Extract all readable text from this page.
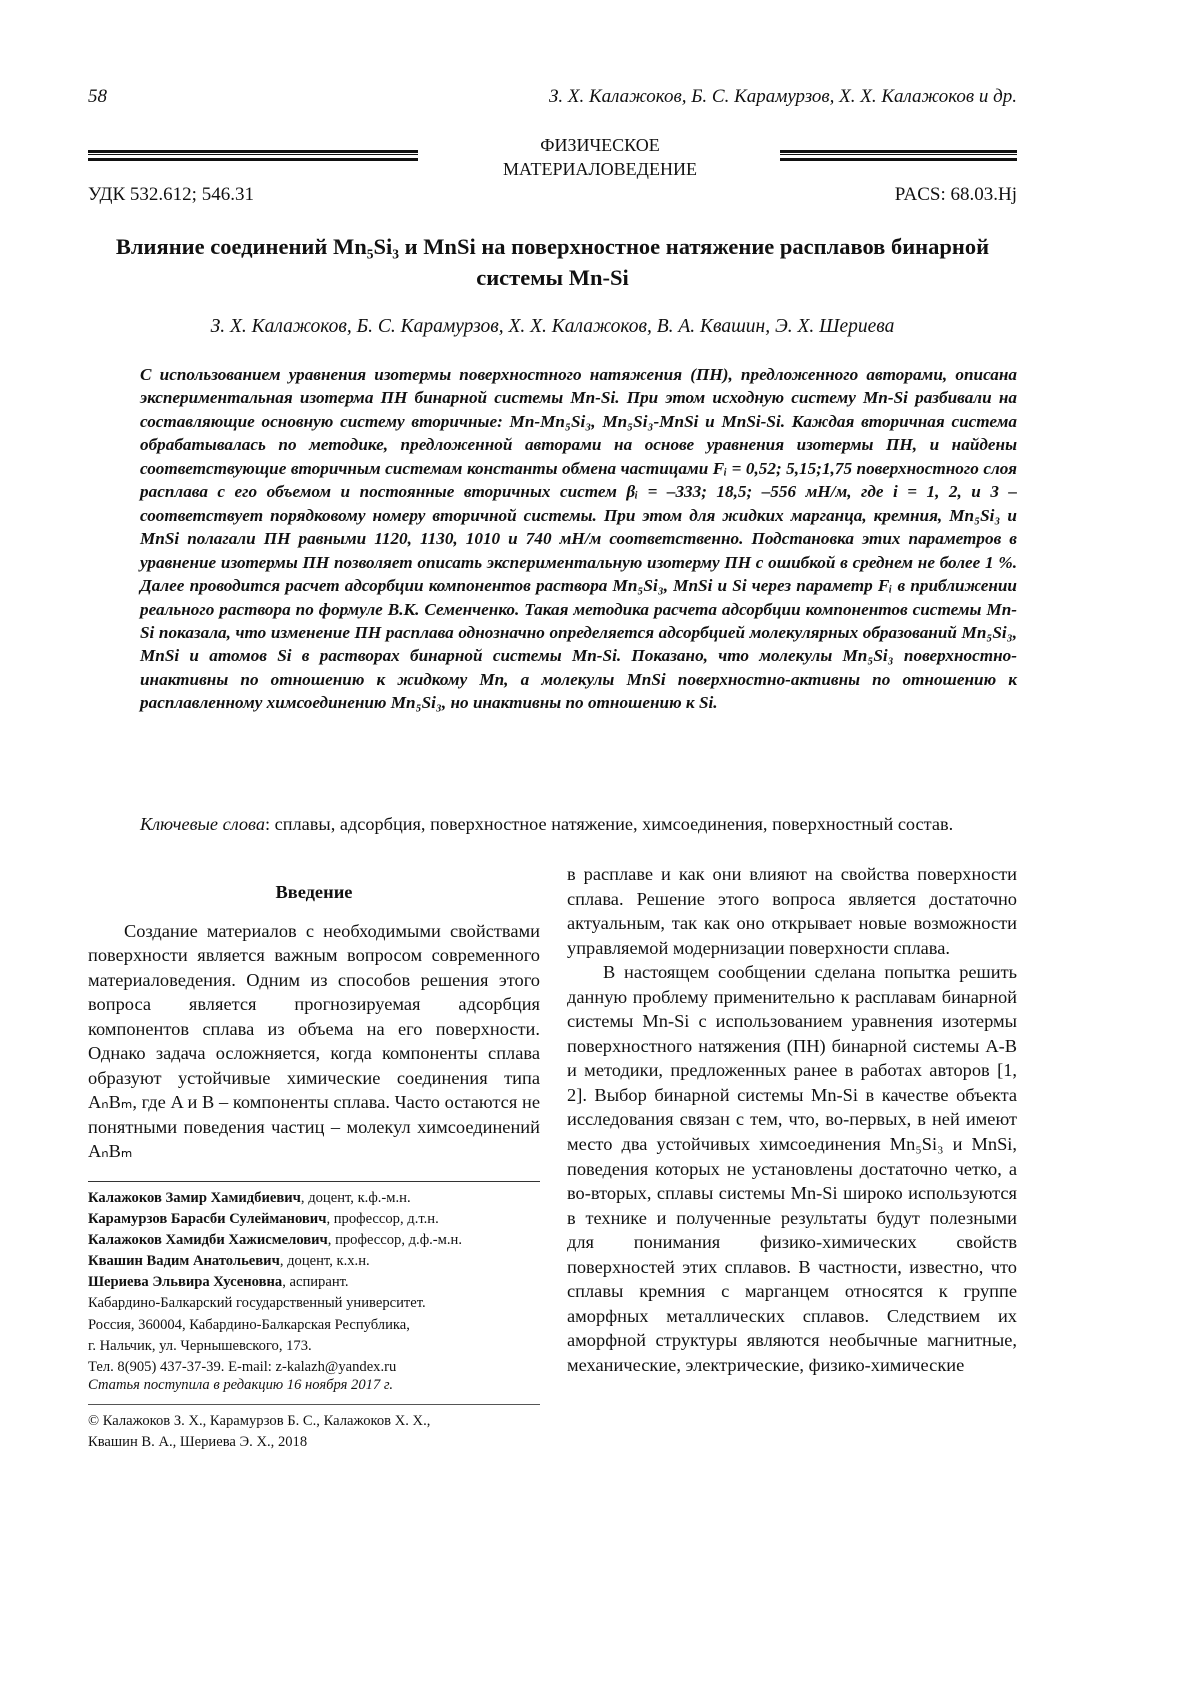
58	З. Х. Калажоков, Б. С. Карамурзов, Х. Х. Калажоков и др.
ФИЗИЧЕСКОЕ
МАТЕРИАЛОВЕДЕНИЕ
УДК 532.612; 546.31	PACS: 68.03.Hj
Влияние соединений Mn₅Si₃ и MnSi на поверхностное натяжение расплавов бинарной системы Mn-Si
З. Х. Калажоков, Б. С. Карамурзов, Х. Х. Калажоков, В. А. Квашин, Э. Х. Шериева
С использованием уравнения изотермы поверхностного натяжения (ПН), предложенного авторами, описана экспериментальная изотерма ПН бинарной системы Mn-Si. При этом исходную систему Mn-Si разбивали на составляющие основную систему вторичные: Mn-Mn₅Si₃, Mn₅Si₃-MnSi и MnSi-Si. Каждая вторичная система обрабатывалась по методике, предложенной авторами на основе уравнения изотермы ПН, и найдены соответствующие вторичным системам константы обмена частицами Fᵢ = 0,52; 5,15;1,75 поверхностного слоя расплава с его объемом и постоянные вторичных систем βᵢ = –333; 18,5; –556 мН/м, где i = 1, 2, и 3 – соответствует порядковому номеру вторичной системы. При этом для жидких марганца, кремния, Mn₅Si₃ и MnSi полагали ПН равными 1120, 1130, 1010 и 740 мН/м соответственно. Подстановка этих параметров в уравнение изотермы ПН позволяет описать экспериментальную изотерму ПН с ошибкой в среднем не более 1 %. Далее проводится расчет адсорбции компонентов раствора Mn₅Si₃, MnSi и Si через параметр Fᵢ в приближении реального раствора по формуле В.К. Семенченко. Такая методика расчета адсорбции компонентов системы Mn-Si показала, что изменение ПН расплава однозначно определяется адсорбцией молекулярных образований Mn₅Si₃, MnSi и атомов Si в растворах бинарной системы Mn-Si. Показано, что молекулы Mn₅Si₃ поверхностно-инактивны по отношению к жидкому Mn, а молекулы MnSi поверхностно-активны по отношению к расплавленному химсоединению Mn₅Si₃, но инактивны по отношению к Si.
Ключевые слова: сплавы, адсорбция, поверхностное натяжение, химсоединения, поверхностный состав.
Введение

Создание материалов с необходимыми свойствами поверхности является важным вопросом современного материаловедения. Одним из способов решения этого вопроса является прогнозируемая адсорбция компонентов сплава из объема на его поверхности. Однако задача осложняется, когда компоненты сплава образуют устойчивые химические соединения типа AₙBₘ, где A и B – компоненты сплава. Часто остаются не понятными поведения частиц – молекул химсоединений AₙBₘ

в расплаве и как они влияют на свойства поверхности сплава. Решение этого вопроса является достаточно актуальным, так как оно открывает новые возможности управляемой модернизации поверхности сплава.

В настоящем сообщении сделана попытка решить данную проблему применительно к расплавам бинарной системы Mn-Si с использованием уравнения изотермы поверхностного натяжения (ПН) бинарной системы A-B и методики, предложенных ранее в работах авторов [1, 2]. Выбор бинарной системы Mn-Si в качестве объекта исследования связан с тем, что, во-первых, в ней имеют место два устойчивых химсоединения Mn₅Si₃ и MnSi, поведения которых не установлены достаточно четко, а во-вторых, сплавы системы Mn-Si широко используются в технике и полученные результаты будут полезными для понимания физико-химических свойств поверхностей этих сплавов. В частности, известно, что сплавы кремния с марганцем относятся к группе аморфных металлических сплавов. Следствием их аморфной структуры являются необычные магнитные, механические, электрические, физико-химические

Калажоков Замир Хамидбиевич, доцент, к.ф.-м.н.
Карамурзов Барасби Сулейманович, профессор, д.т.н.
Калажоков Хамидби Хажисмелович, профессор, д.ф.-м.н.
Квашин Вадим Анатольевич, доцент, к.х.н.
Шериева Эльвира Хусеновна, аспирант.
Кабардино-Балкарский государственный университет.
Россия, 360004, Кабардино-Балкарская Республика,
г. Нальчик, ул. Чернышевского, 173.
Тел. 8(905) 437-37-39. E-mail: z-kalazh@yandex.ru
Статья поступила в редакцию 16 ноября 2017 г.
© Калажоков З. Х., Карамурзов Б. С., Калажоков Х. Х.,
Квашин В. А., Шериева Э. Х., 2018
